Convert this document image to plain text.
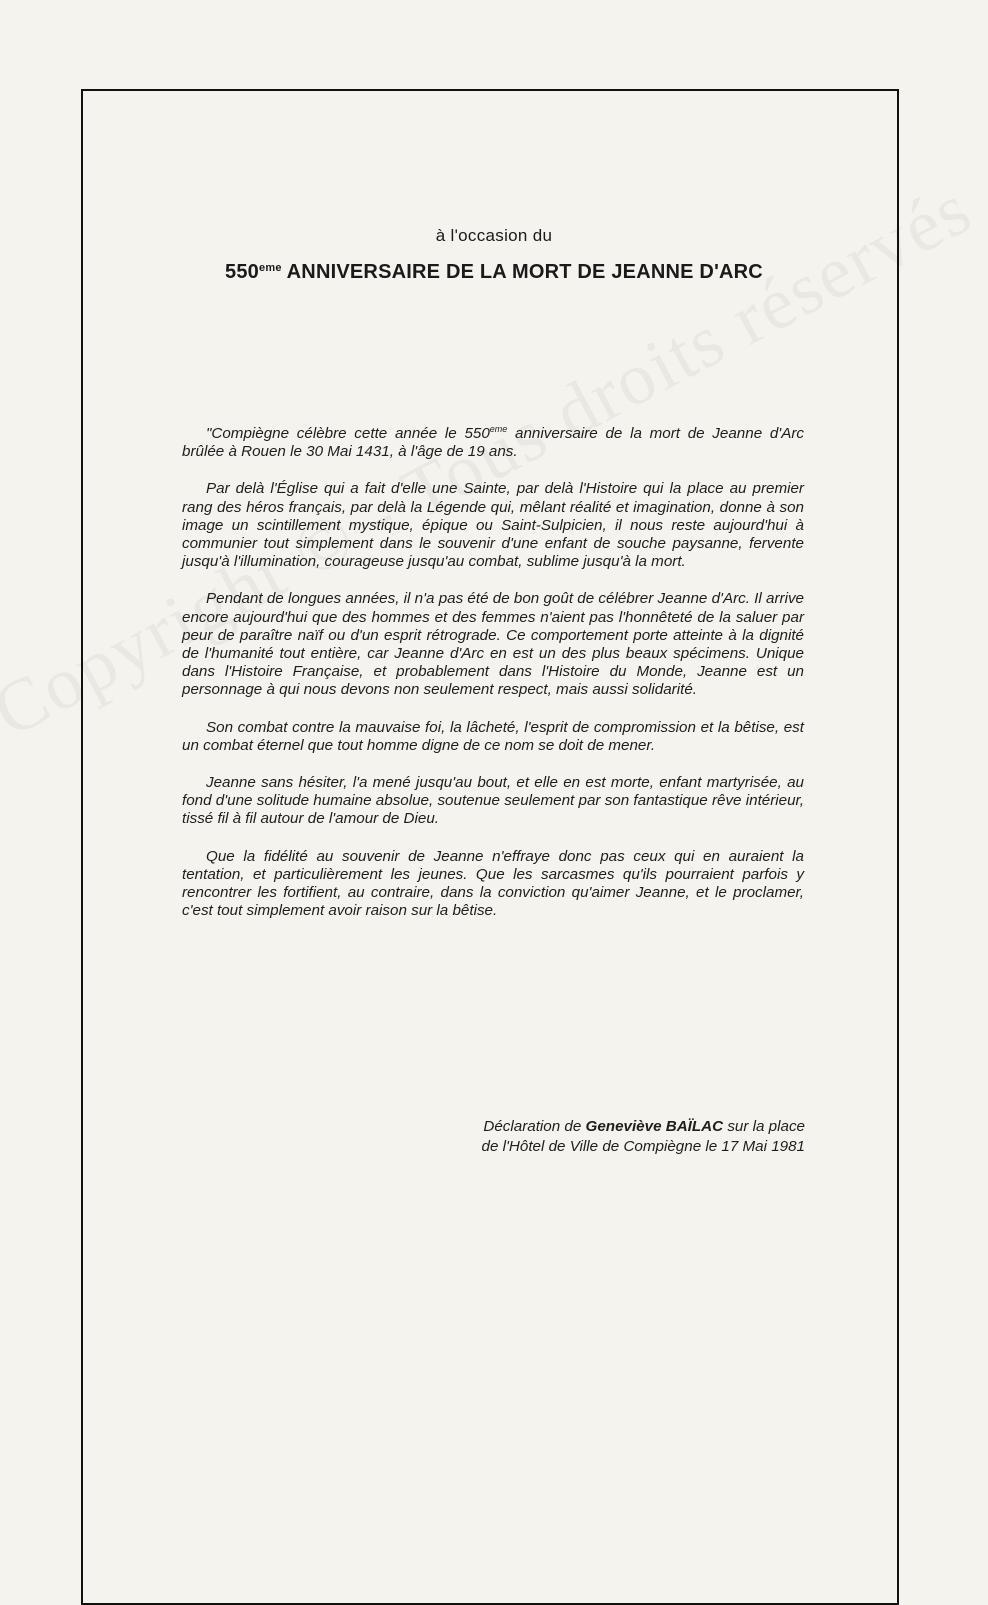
à l'occasion du
550eme ANNIVERSAIRE DE LA MORT DE JEANNE D'ARC

"Compiègne célèbre cette année le 550eme anniversaire de la mort de Jeanne d'Arc brûlée à Rouen le 30 Mai 1431, à l'âge de 19 ans.

Par delà l'Église qui a fait d'elle une Sainte, par delà l'Histoire qui la place au premier rang des héros français, par delà la Légende qui, mêlant réalité et imagination, donne à son image un scintillement mystique, épique ou Saint-Sulpicien, il nous reste aujourd'hui à communier tout simplement dans le souvenir d'une enfant de souche paysanne, fervente jusqu'à l'illumination, courageuse jusqu'au combat, sublime jusqu'à la mort.

Pendant de longues années, il n'a pas été de bon goût de célébrer Jeanne d'Arc. Il arrive encore aujourd'hui que des hommes et des femmes n'aient pas l'honnêteté de la saluer par peur de paraître naïf ou d'un esprit rétrograde. Ce comportement porte atteinte à la dignité de l'humanité tout entière, car Jeanne d'Arc en est un des plus beaux spécimens. Unique dans l'Histoire Française, et probablement dans l'Histoire du Monde, Jeanne est un personnage à qui nous devons non seulement respect, mais aussi solidarité.

Son combat contre la mauvaise foi, la lâcheté, l'esprit de compromission et la bêtise, est un combat éternel que tout homme digne de ce nom se doit de mener.

Jeanne sans hésiter, l'a mené jusqu'au bout, et elle en est morte, enfant martyrisée, au fond d'une solitude humaine absolue, soutenue seulement par son fantastique rêve intérieur, tissé fil à fil autour de l'amour de Dieu.

Que la fidélité au souvenir de Jeanne n'effraye donc pas ceux qui en auraient la tentation, et particulièrement les jeunes. Que les sarcasmes qu'ils pourraient parfois y rencontrer les fortifient, au contraire, dans la conviction qu'aimer Jeanne, et le proclamer, c'est tout simplement avoir raison sur la bêtise.

Déclaration de Geneviève BAÏLAC sur la place
de l'Hôtel de Ville de Compiègne le 17 Mai 1981
